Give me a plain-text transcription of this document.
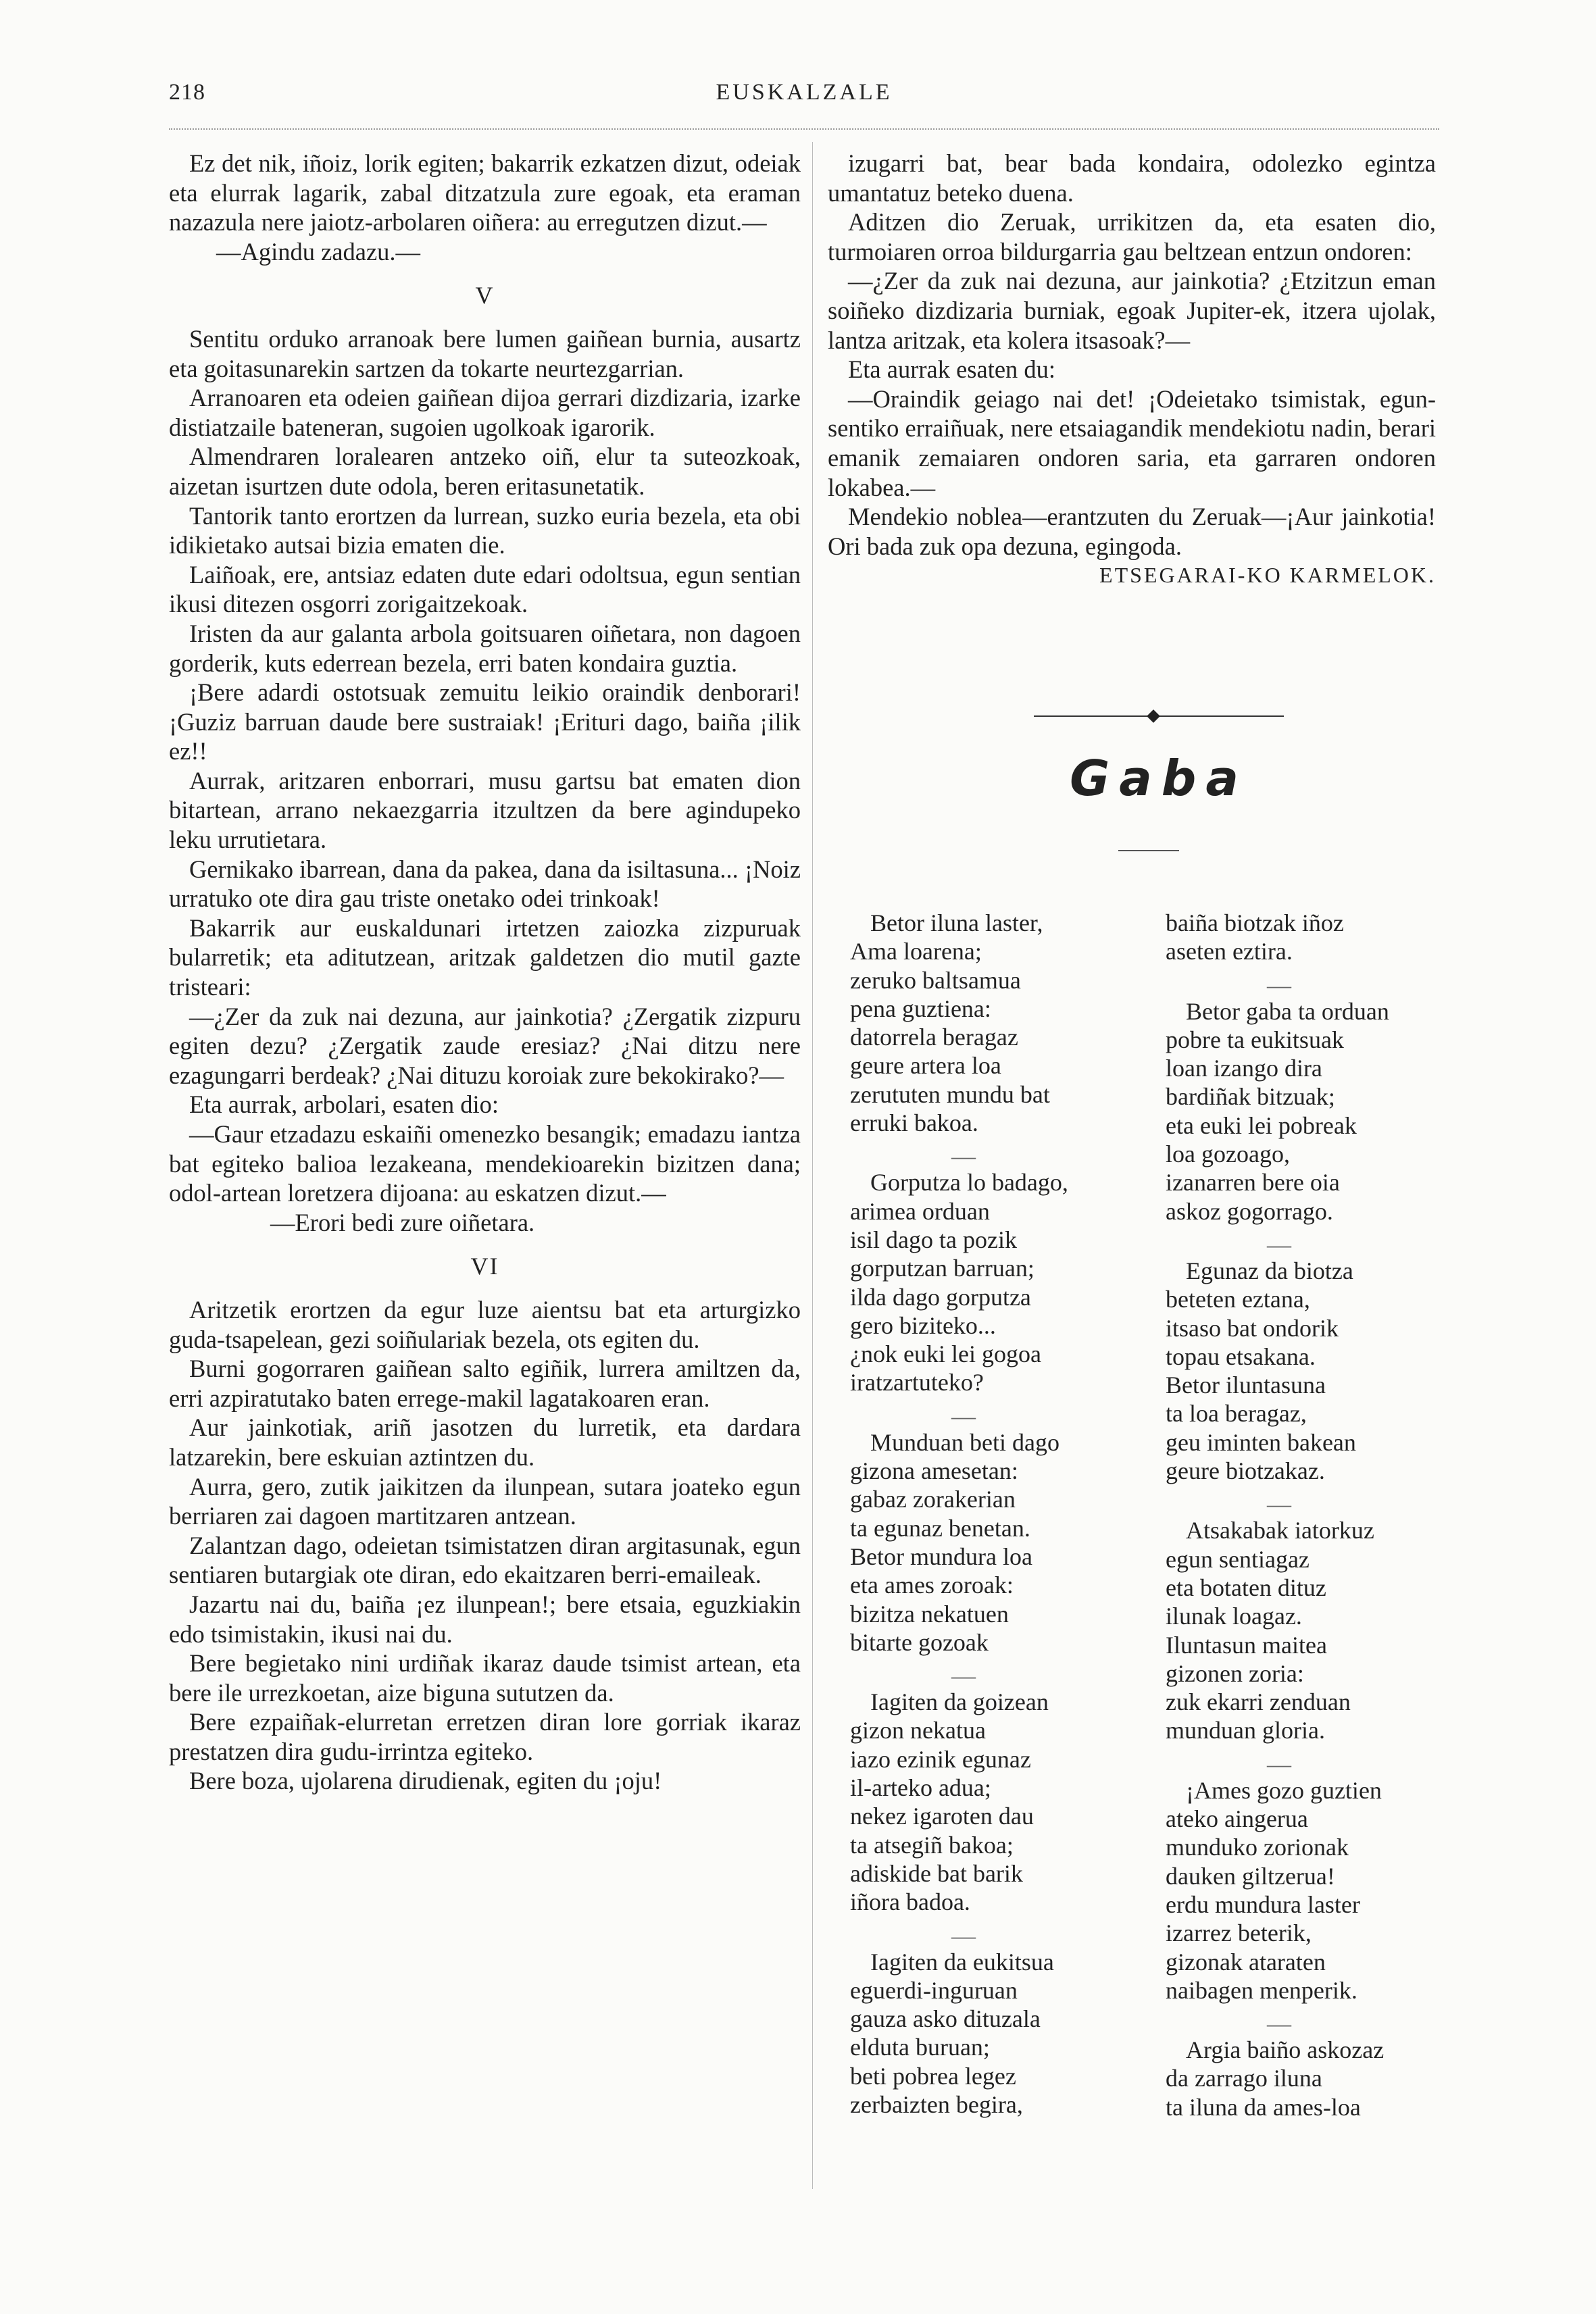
218	EUSKALZALE

Ez det nik, iñoiz, lorik egiten; bakarrik ezkatzen dizut, odeiak eta elurrak lagarik, zabal ditzatzula zure egoak, eta eraman nazazula nere jaiotz-arbolaren oiñera: au erregutzen dizut.—

—Agindu zadazu.—

V

Sentitu orduko arranoak bere lumen gaiñean burnia, ausartz eta goitasunarekin sartzen da tokarte neurtezgarrian.

Arranoaren eta odeien gaiñean dijoa gerrari dizdizaria, izarke distiatzaile bateneran, sugoien ugolkoak igarorik.

Almendraren loralearen antzeko oiñ, elur ta suteozkoak, aizetan isurtzen dute odola, beren eritasunetatik.

Tantorik tanto erortzen da lurrean, suzko euria bezela, eta obi idikietako autsai bizia ematen die.

Laiñoak, ere, antsiaz edaten dute edari odoltsua, egun sentian ikusi ditezen osgorri zorigaitzekoak.

Iristen da aur galanta arbola goitsuaren oiñetara, non dagoen gorderik, kuts ederrean bezela, erri baten kondaira guztia.

¡Bere adardi ostotsuak zemuitu leikio oraindik denborari! ¡Guziz barruan daude bere sustraiak! ¡Erituri dago, baiña ¡ilik ez!!

Aurrak, aritzaren enborrari, musu gartsu bat ematen dion bitartean, arrano nekaezgarria itzultzen da bere agindupeko leku urrutietara.

Gernikako ibarrean, dana da pakea, dana da isiltasuna... ¡Noiz urratuko ote dira gau triste onetako odei trinkoak!

Bakarrik aur euskaldunari irtetzen zaiozka zizpuruak bularretik; eta aditutzean, aritzak galdetzen dio mutil gazte tristeari:

—¿Zer da zuk nai dezuna, aur jainkotia? ¿Zergatik zizpuru egiten dezu? ¿Zergatik zaude eresiaz? ¿Nai ditzu nere ezagungarri berdeak? ¿Nai dituzu koroiak zure bekokirako?—

Eta aurrak, arbolari, esaten dio:

—Gaur etzadazu eskaiñi omenezko besangik; emadazu iantza bat egiteko balioa lezakeana, mendekioarekin bizitzen dana; odol-artean loretzera dijoana: au eskatzen dizut.—

—Erori bedi zure oiñetara.

VI

Aritzetik erortzen da egur luze aientsu bat eta arturgizko guda-tsapelean, gezi soiñulariak bezela, ots egiten du.

Burni gogorraren gaiñean salto egiñik, lurrera amiltzen da, erri azpiratutako baten errege-makil lagatakoaren eran.

Aur jainkotiak, ariñ jasotzen du lurretik, eta dardara latzarekin, bere eskuian aztintzen du.

Aurra, gero, zutik jaikitzen da ilunpean, sutara joateko egun berriaren zai dagoen martitzaren antzean.

Zalantzan dago, odeietan tsimistatzen diran argitasunak, egun sentiaren butargiak ote diran, edo ekaitzaren berri-emaileak.

Jazartu nai du, baiña ¡ez ilunpean!; bere etsaia, eguzkiakin edo tsimistakin, ikusi nai du.

Bere begietako nini urdiñak ikaraz daude tsimist artean, eta bere ile urrezkoetan, aize biguna sututzen da.

Bere ezpaiñak-elurretan erretzen diran lore gorriak ikaraz prestatzen dira gudu-irrintza egiteko.

Bere boza, ujolarena dirudienak, egiten du ¡oju!

izugarri bat, bear bada kondaira, odolezko egintza umantatuz beteko duena.

Aditzen dio Zeruak, urrikitzen da, eta esaten dio, turmoiaren orroa bildurgarria gau beltzean entzun ondoren:

—¿Zer da zuk nai dezuna, aur jainkotia? ¿Etzitzun eman soiñeko dizdizaria burniak, egoak Jupiter-ek, itzera ujolak, lantza aritzak, eta kolera itsasoak?—

Eta aurrak esaten du:

—Oraindik geiago nai det! ¡Odeietako tsimistak, egun-sentiko erraiñuak, nere etsaiagandik mendekiotu nadin, berari emanik zemaiaren ondoren saria, eta garraren ondoren lokabea.—

Mendekio noblea—erantzuten du Zeruak—¡Aur jainkotia! Ori bada zuk opa dezuna, egingoda.

ETSEGARAI-KO KARMELOK.

Gaba
Betor iluna laster,
Ama loarena;
zeruko baltsamua
pena guztiena:
datorrela beragaz
geure artera loa
zerututen mundu bat
erruki bakoa.
—
Gorputza lo badago,
arimea orduan
isil dago ta pozik
gorputzan barruan;
ilda dago gorputza
gero biziteko...
¿nok euki lei gogoa
iratzartuteko?
—
Munduan beti dago
gizona amesetan:
gabaz zorakerian
ta egunaz benetan.
Betor mundura loa
eta ames zoroak:
bizitza nekatuen
bitarte gozoak
—
Iagiten da goizean
gizon nekatua
iazo ezinik egunaz
il-arteko adua;
nekez igaroten dau
ta atsegiñ bakoa;
adiskide bat barik
iñora badoa.
—
Iagiten da eukitsua
eguerdi-inguruan
gauza asko dituzala
elduta buruan;
beti pobrea legez
zerbaizten begira,
baiña biotzak iñoz
aseten eztira.
—
Betor gaba ta orduan
pobre ta eukitsuak
loan izango dira
bardiñak bitzuak;
eta euki lei pobreak
loa gozoago,
izanarren bere oia
askoz gogorrago.
—
Egunaz da biotza
beteten eztana,
itsaso bat ondorik
topau etsakana.
Betor iluntasuna
ta loa beragaz,
geu iminten bakean
geure biotzakaz.
—
Atsakabak iatorkuz
egun sentiagaz
eta botaten dituz
ilunak loagaz.
Iluntasun maitea
gizonen zoria:
zuk ekarri zenduan
munduan gloria.
—
¡Ames gozo guztien
ateko aingerua
munduko zorionak
dauken giltzerua!
erdu mundura laster
izarrez beterik,
gizonak ataraten
naibagen menperik.
—
Argia baiño askozaz
da zarrago iluna
ta iluna da ames-loa
